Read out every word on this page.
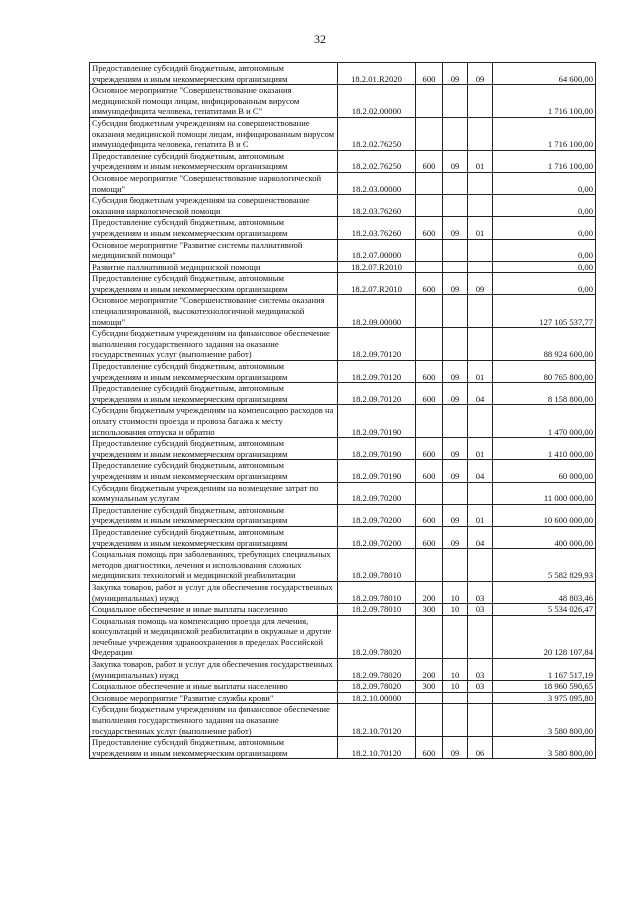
32
Предоставление субсидий бюджетным, автономным учреждениям и иным некоммерческим организациям	18.2.01.R2020	600	09	09	64 600,00
Основное мероприятие "Совершенствование оказания медицинской помощи лицам, инфицированным вирусом иммунодефицита человека, гепатитами В и С"	18.2.02.00000				1 716 100,00
Субсидия бюджетным учреждениям на совершенствование оказания медицинской помощи лицам, инфицированным вирусом иммунодефицита человека, гепатита В и С	18.2.02.76250				1 716 100,00
Предоставление субсидий бюджетным, автономным учреждениям и иным некоммерческим организациям	18.2.02.76250	600	09	01	1 716 100,00
Основное мероприятие "Совершенствование наркологической помощи"	18.2.03.00000				0,00
Субсидия бюджетным учреждениям на совершенствование оказания наркологической помощи	18.2.03.76260				0,00
Предоставление субсидий бюджетным, автономным учреждениям и иным некоммерческим организациям	18.2.03.76260	600	09	01	0,00
Основное мероприятие "Развитие системы паллиативной медицинской помощи"	18.2.07.00000				0,00
Развитие паллиативной медицинской помощи	18.2.07.R2010				0,00
Предоставление субсидий бюджетным, автономным учреждениям и иным некоммерческим организациям	18.2.07.R2010	600	09	09	0,00
Основное мероприятие "Совершенствование системы оказания специализированной, высокотехнологичной медицинской помощи"	18.2.09.00000				127 105 537,77
Субсидии бюджетным учреждениям на финансовое обеспечение выполнения государственного задания на оказание государственных услуг (выполнение работ)	18.2.09.70120				88 924 600,00
Предоставление субсидий бюджетным, автономным учреждениям и иным некоммерческим организациям	18.2.09.70120	600	09	01	80 765 800,00
Предоставление субсидий бюджетным, автономным учреждениям и иным некоммерческим организациям	18.2.09.70120	600	09	04	8 158 800,00
Субсидии бюджетным учреждениям на компенсацию расходов на оплату стоимости проезда и провоза багажа к месту использования отпуска и обратно	18.2.09.70190				1 470 000,00
Предоставление субсидий бюджетным, автономным учреждениям и иным некоммерческим организациям	18.2.09.70190	600	09	01	1 410 000,00
Предоставление субсидий бюджетным, автономным учреждениям и иным некоммерческим организациям	18.2.09.70190	600	09	04	60 000,00
Субсидии бюджетным учреждениям на возмещение затрат по коммунальным услугам	18.2.09.70200				11 000 000,00
Предоставление субсидий бюджетным, автономным учреждениям и иным некоммерческим организациям	18.2.09.70200	600	09	01	10 600 000,00
Предоставление субсидий бюджетным, автономным учреждениям и иным некоммерческим организациям	18.2.09.70200	600	09	04	400 000,00
Социальная помощь при заболеваниях, требующих специальных методов диагностики, лечения и использования сложных медицинских технологий и медицинской реабилитации	18.2.09.78010				5 582 829,93
Закупка товаров, работ и услуг для обеспечения государственных (муниципальных) нужд	18.2.09.78010	200	10	03	48 803,46
Социальное обеспечение и иные выплаты населению	18.2.09.78010	300	10	03	5 534 026,47
Социальная помощь на компенсацию проезда для лечения, консультаций и медицинской реабилитации в окружные и другие лечебные учреждения здравоохранения в пределах Российской Федерации	18.2.09.78020				20 128 107,84
Закупка товаров, работ и услуг для обеспечения государственных (муниципальных) нужд	18.2.09.78020	200	10	03	1 167 517,19
Социальное обеспечение и иные выплаты населению	18.2.09.78020	300	10	03	18 960 590,65
Основное мероприятие "Развитие службы крови"	18.2.10.00000				3 975 095,80
Субсидии бюджетным учреждениям на финансовое обеспечение выполнения государственного задания на оказание государственных услуг (выполнение работ)	18.2.10.70120				3 580 800,00
Предоставление субсидий бюджетным, автономным учреждениям и иным некоммерческим организациям	18.2.10.70120	600	09	06	3 580 800,00
